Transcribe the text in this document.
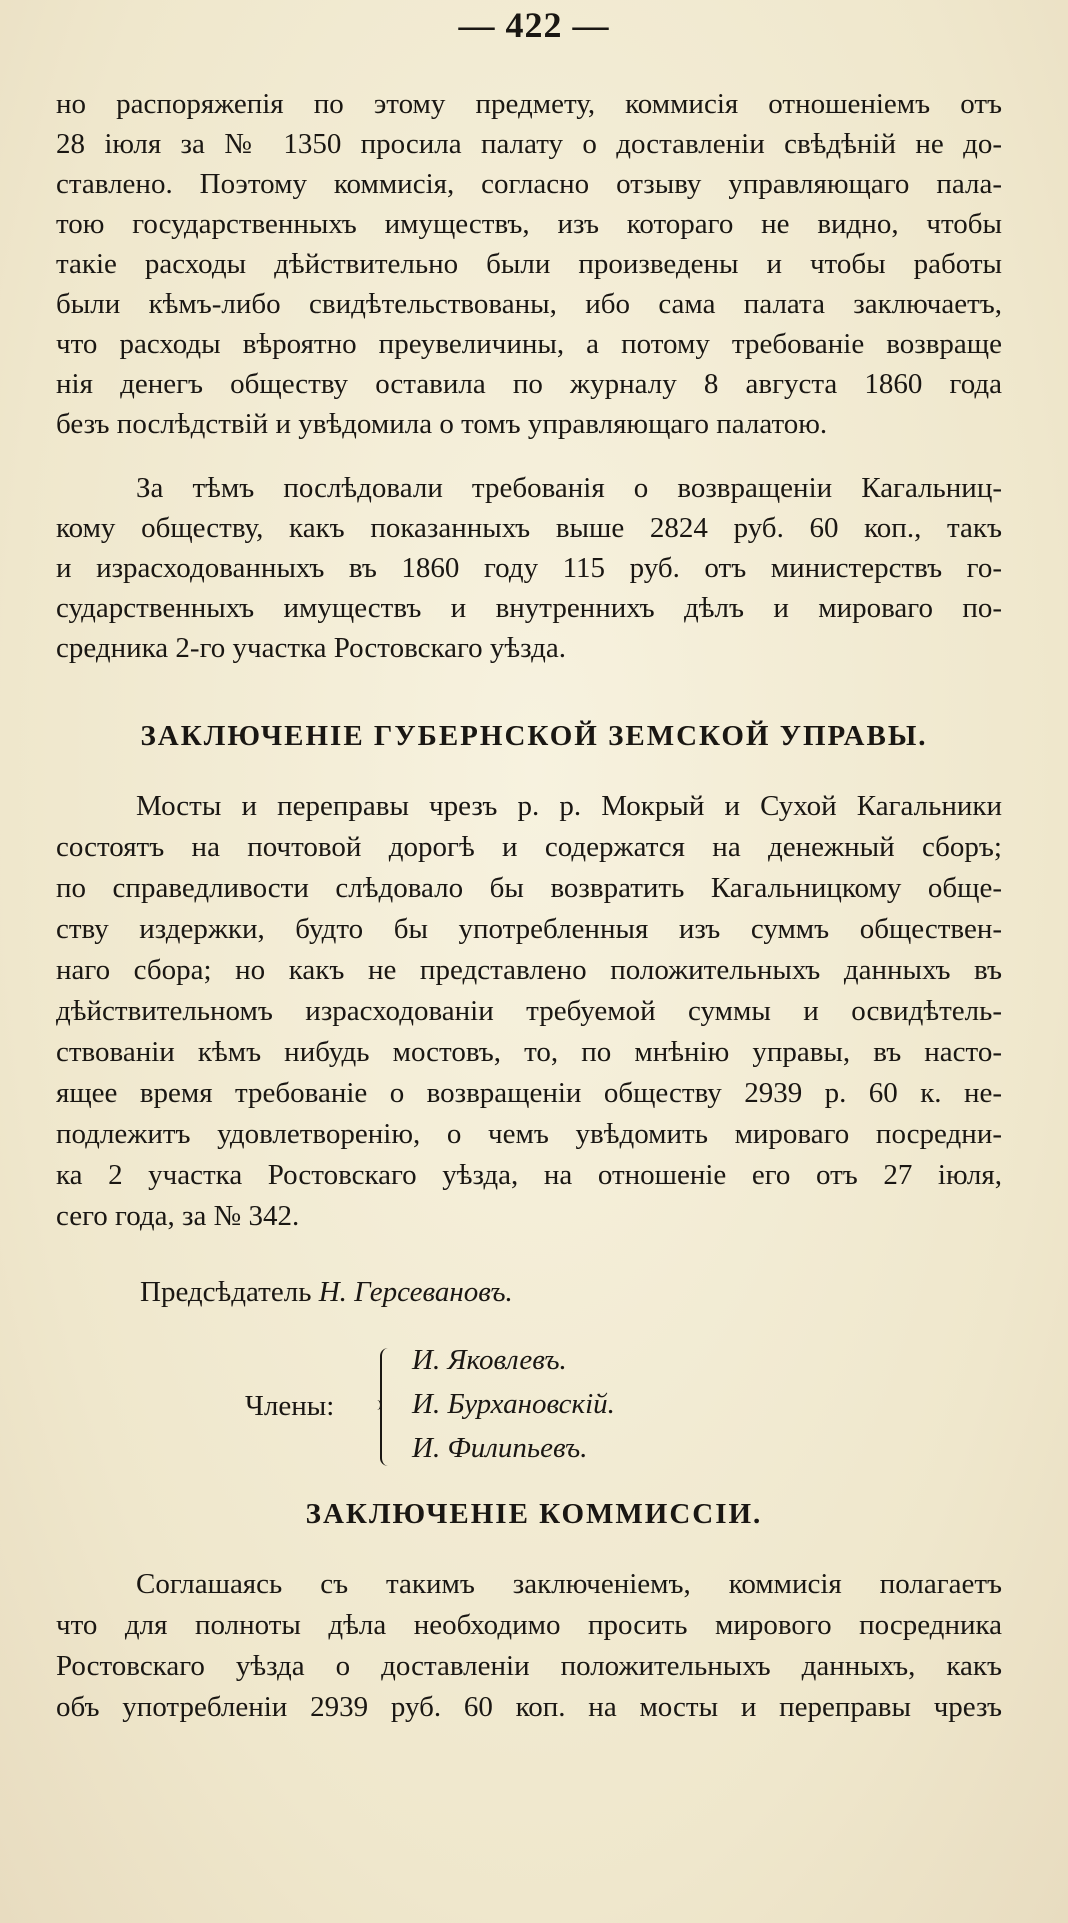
— 422 —
но распоряжепія по этому предмету, коммисія отношеніемъ отъ
28 іюля за № 1350 просила палату о доставленіи свѣдѣній не до-
ставлено. Поэтому коммисія, согласно отзыву управляющаго пала-
тою государственныхъ имуществъ, изъ котораго не видно, чтобы
такіе расходы дѣйствительно были произведены и чтобы работы
были кѣмъ-либо свидѣтельствованы, ибо сама палата заключаетъ,
что расходы вѣроятно преувеличины, а потому требованіе возвраще
нія денегъ обществу оставила по журналу 8 августа 1860 года
безъ послѣдствій и увѣдомила о томъ управляющаго палатою.
За тѣмъ послѣдовали требованія о возвращеніи Кагальниц-
кому обществу, какъ показанныхъ выше 2824 руб. 60 коп., такъ
и израсходованныхъ въ 1860 году 115 руб. отъ министерствъ го-
сударственныхъ имуществъ и внутреннихъ дѣлъ и мироваго по-
средника 2-го участка Ростовскаго уѣзда.
ЗАКЛЮЧЕНІЕ ГУБЕРНСКОЙ ЗЕМСКОЙ УПРАВЫ.
Мосты и переправы чрезъ р. р. Мокрый и Сухой Кагальники
состоятъ на почтовой дорогѣ и содержатся на денежный сборъ;
по справедливости слѣдовало бы возвратить Кагальницкому обще-
ству издержки, будто бы употребленныя изъ суммъ обществен-
наго сбора; но какъ не представлено положительныхъ данныхъ въ
дѣйствительномъ израсходованіи требуемой суммы и освидѣтель-
ствованіи кѣмъ нибудь мостовъ, то, по мнѣнію управы, въ насто-
ящее время требованіе о возвращеніи обществу 2939 р. 60 к. не-
подлежитъ удовлетворенію, о чемъ увѣдомить мироваго посредни-
ка 2 участка Ростовскаго уѣзда, на отношеніе его отъ 27 іюля,
сего года, за № 342.
Предсѣдатель Н. Герсевановъ.
Члены:
И. Яковлевъ.
И. Бурхановскій.
И. Филипьевъ.
ЗАКЛЮЧЕНІЕ КОММИССІИ.
Соглашаясь съ такимъ заключеніемъ, коммисія полагаетъ
что для полноты дѣла необходимо просить мирового посредника
Ростовскаго уѣзда о доставленіи положительныхъ данныхъ, какъ
объ употребленіи 2939 руб. 60 коп. на мосты и переправы чрезъ
